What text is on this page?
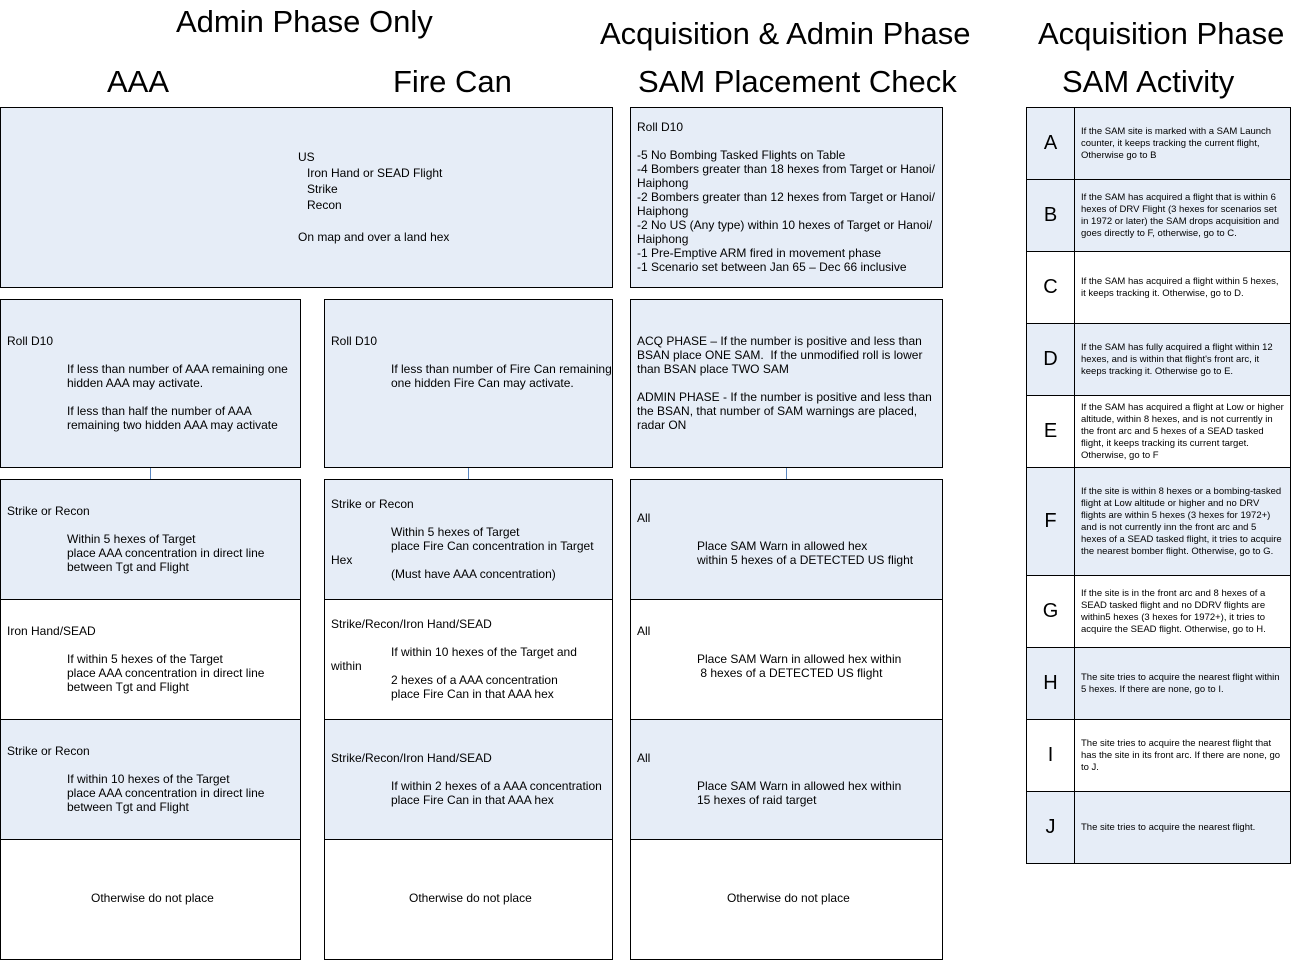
Admin Phase Only	Acquisition & Admin Phase Acquisition Phase
AAA	Fire Can	SAM Placement Check	SAM Activity
US
Iron Hand or SEAD Flight
Strike
Recon
On map and over a land hex
Roll D10
-5 No Bombing Tasked Flights on Table
-4 Bombers greater than 18 hexes from Target or Hanoi/
Haiphong
-2 Bombers greater than 12 hexes from Target or Hanoi/
Haiphong
-2 No US (Any type) within 10 hexes of Target or Hanoi/
Haiphong
-1 Pre-Emptive ARM fired in movement phase
-1 Scenario set between Jan 65 – Dec 66 inclusive
Roll D10
If less than number of AAA remaining one
hidden AAA may activate.
If less than half the number of AAA
remaining two hidden AAA may activate
Strike or Recon
Within 5 hexes of Target
place AAA concentration in direct line
between Tgt and Flight
Iron Hand/SEAD
If within 5 hexes of the Target
place AAA concentration in direct line
between Tgt and Flight
Strike or Recon
If within 10 hexes of the Target
place AAA concentration in direct line
between Tgt and Flight
Otherwise do not place
Roll D10
If less than number of Fire Can remaining
one hidden Fire Can may activate.
Strike or Recon
Within 5 hexes of Target
place Fire Can concentration in Target
Hex
(Must have AAA concentration)
Strike/Recon/Iron Hand/SEAD
If within 10 hexes of the Target and
within
2 hexes of a AAA concentration
place Fire Can in that AAA hex
Strike/Recon/Iron Hand/SEAD
If within 2 hexes of a AAA concentration
place Fire Can in that AAA hex
Otherwise do not place
ACQ PHASE – If the number is positive and less than
BSAN place ONE SAM.  If the unmodified roll is lower
than BSAN place TWO SAM
ADMIN PHASE - If the number is positive and less than
the BSAN, that number of SAM warnings are placed,
radar ON
All
Place SAM Warn in allowed hex
within 5 hexes of a DETECTED US flight
All
Place SAM Warn in allowed hex within
8 hexes of a DETECTED US flight
All
Place SAM Warn in allowed hex within
15 hexes of raid target
Otherwise do not place
A
If the SAM site is marked with a SAM Launch counter, it keeps tracking the current flight, Otherwise go to B
B
If the SAM has acquired a flight that is within 6 hexes of DRV Flight (3 hexes for scenarios set in 1972 or later) the SAM drops acquisition and goes directly to F, otherwise, go to C.
C	If the SAM has acquired a flight within 5 hexes, it keeps tracking it. Otherwise, go to D.
D
If the SAM has fully acquired a flight within 12 hexes, and is within that flight's front arc, it keeps tracking it. Otherwise go to E.
E
If the SAM has acquired a flight at Low or higher altitude, within 8 hexes, and is not currently in the front arc and 5 hexes of a SEAD tasked flight, it keeps tracking its current target. Otherwise, go to F
F
If the site is within 8 hexes or a bombing-tasked flight at Low altitude or higher and no DRV flights are within 5 hexes (3 hexes for 1972+) and is not currently inn the front arc and 5 hexes of a SEAD tasked flight, it tries to acquire the nearest bomber flight. Otherwise, go to G.
G
If the site is in the front arc and 8 hexes of a SEAD tasked flight and no DDRV flights are within5 hexes (3 hexes for 1972+), it tries to acquire the SEAD flight. Otherwise, go to H.
H	The site tries to acquire the nearest flight within 5 hexes. If there are none, go to I.
I
The site tries to acquire the nearest flight that has the site in its front arc. If there are none, go to J.
J	The site tries to acquire the nearest flight.
